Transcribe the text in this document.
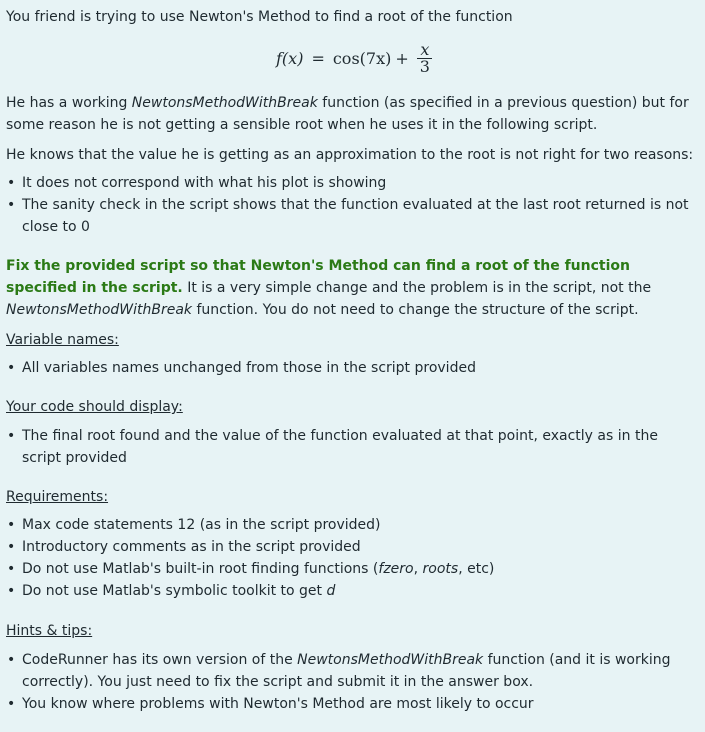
You friend is trying to use Newton's Method to find a root of the function

$f(x) = \cos(7x) + \frac{x}{3}$

He has a working NewtonsMethodWithBreak function (as specified in a previous question) but for some reason he is not getting a sensible root when he uses it in the following script.

He knows that the value he is getting as an approximation to the root is not right for two reasons:

• It does not correspond with what his plot is showing
• The sanity check in the script shows that the function evaluated at the last root returned is not close to 0

Fix the provided script so that Newton's Method can find a root of the function specified in the script. It is a very simple change and the problem is in the script, not the NewtonsMethodWithBreak function. You do not need to change the structure of the script.

Variable names:

• All variables names unchanged from those in the script provided

Your code should display:

• The final root found and the value of the function evaluated at that point, exactly as in the script provided

Requirements:

• Max code statements 12 (as in the script provided)
• Introductory comments as in the script provided
• Do not use Matlab's built-in root finding functions (fzero, roots, etc)
• Do not use Matlab's symbolic toolkit to get d

Hints & tips:

• CodeRunner has its own version of the NewtonsMethodWithBreak function (and it is working correctly). You just need to fix the script and submit it in the answer box.
• You know where problems with Newton's Method are most likely to occur
